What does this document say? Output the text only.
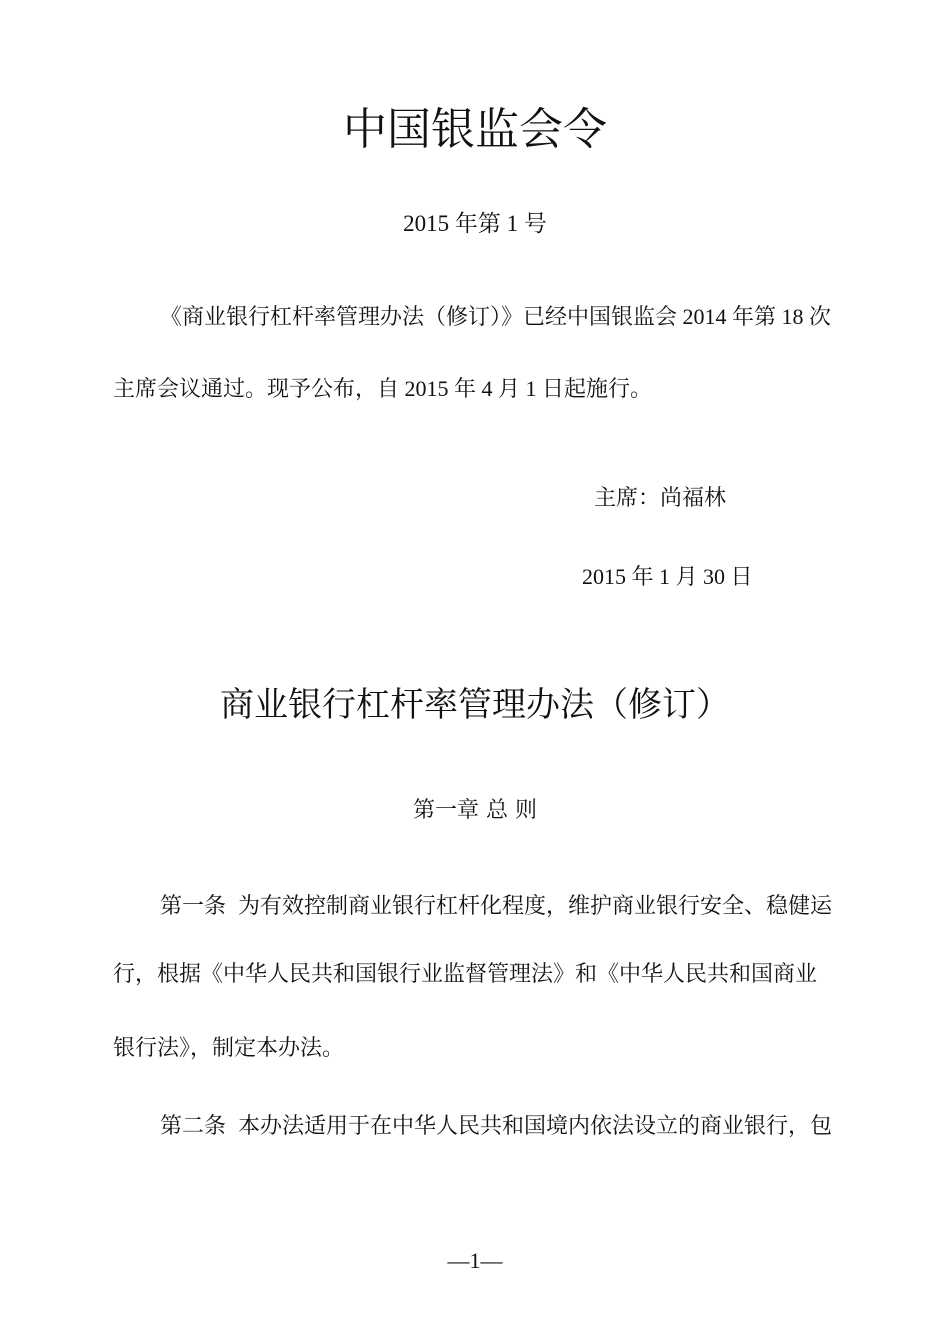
中国银监会令
2015 年第 1 号
《商业银行杠杆率管理办法（修订）》已经中国银监会 2014 年第 18 次
主席会议通过。现予公布，自 2015 年 4 月 1 日起施行。
主席：尚福林
2015 年 1 月 30 日
商业银行杠杆率管理办法（修订）
第一章 总 则
第一条 为有效控制商业银行杠杆化程度，维护商业银行安全、稳健运
行，根据《中华人民共和国银行业监督管理法》和《中华人民共和国商业
银行法》，制定本办法。
第二条 本办法适用于在中华人民共和国境内依法设立的商业银行，包
—1—
